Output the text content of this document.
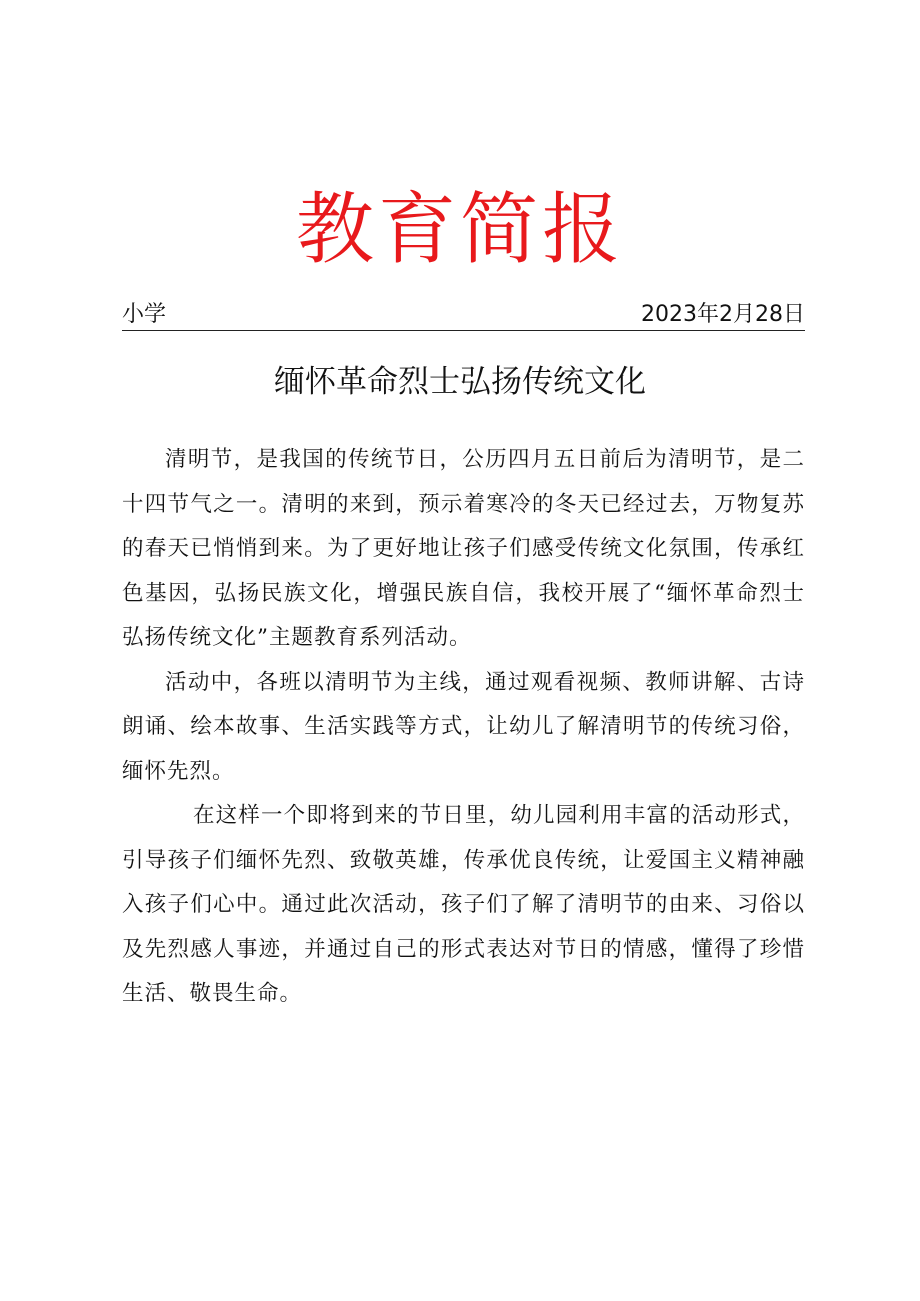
教育简报
小学	2023年2月28日
缅怀革命烈士弘扬传统文化

清明节，是我国的传统节日，公历四月五日前后为清明节，是二十四节气之一。清明的来到，预示着寒冷的冬天已经过去，万物复苏的春天已悄悄到来。为了更好地让孩子们感受传统文化氛围，传承红色基因，弘扬民族文化，增强民族自信，我校开展了“缅怀革命烈士弘扬传统文化”主题教育系列活动。

活动中，各班以清明节为主线，通过观看视频、教师讲解、古诗朗诵、绘本故事、生活实践等方式，让幼儿了解清明节的传统习俗，缅怀先烈。

在这样一个即将到来的节日里，幼儿园利用丰富的活动形式，引导孩子们缅怀先烈、致敬英雄，传承优良传统，让爱国主义精神融入孩子们心中。通过此次活动，孩子们了解了清明节的由来、习俗以及先烈感人事迹，并通过自己的形式表达对节日的情感，懂得了珍惜生活、敬畏生命。
